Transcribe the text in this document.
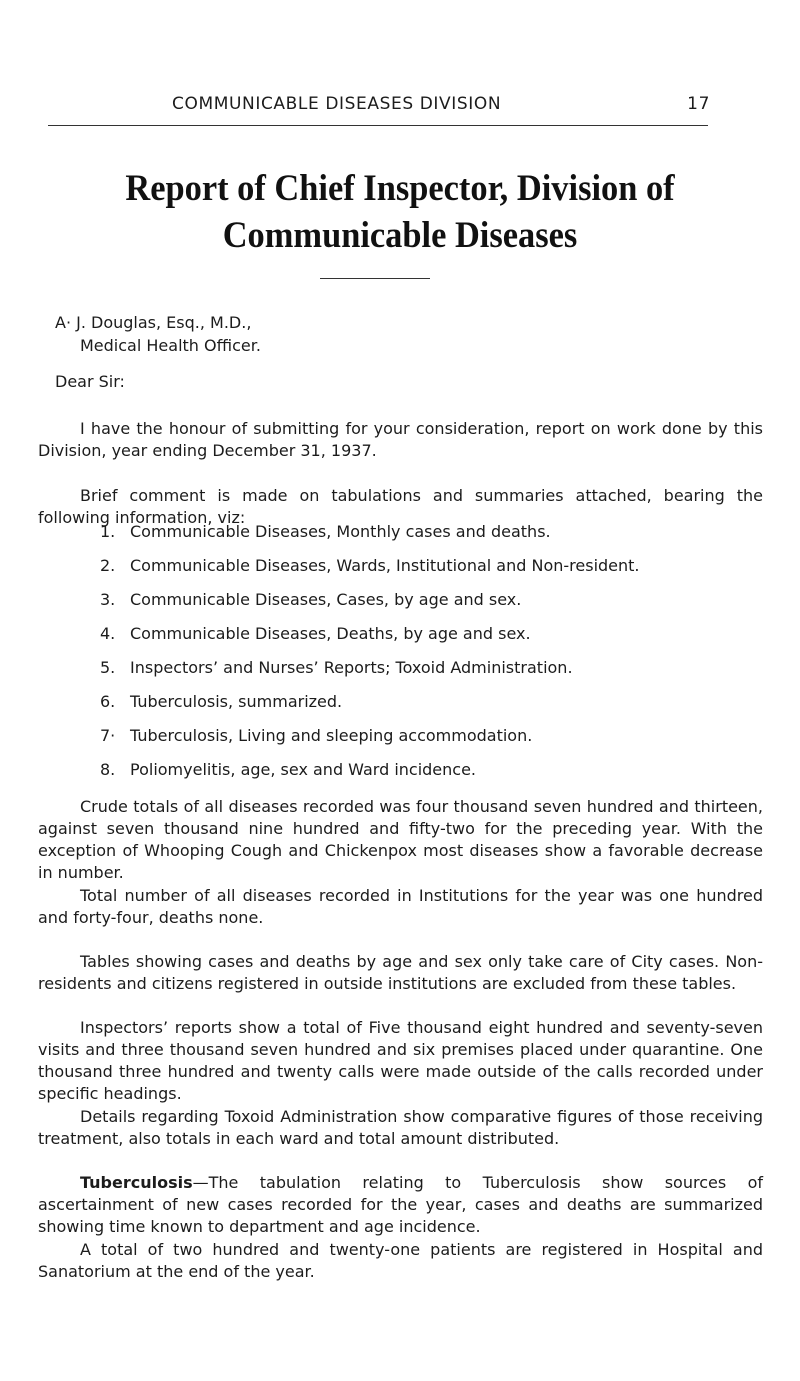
COMMUNICABLE DISEASES DIVISION	17
Report of Chief Inspector, Division of
Communicable Diseases
A· J. Douglas, Esq., M.D.,
Medical Health Officer.
Dear Sir:
I have the honour of submitting for your consideration, report on work done by this Division, year ending December 31, 1937.
Brief comment is made on tabulations and summaries attached, bearing the following information, viz:
1. Communicable Diseases, Monthly cases and deaths.
2. Communicable Diseases, Wards, Institutional and Non-resident.
3. Communicable Diseases, Cases, by age and sex.
4. Communicable Diseases, Deaths, by age and sex.
5. Inspectors’ and Nurses’ Reports; Toxoid Administration.
6. Tuberculosis, summarized.
7· Tuberculosis, Living and sleeping accommodation.
8. Poliomyelitis, age, sex and Ward incidence.
Crude totals of all diseases recorded was four thousand seven hundred and thirteen, against seven thousand nine hundred and fifty-two for the preceding year. With the exception of Whooping Cough and Chickenpox most diseases show a favorable decrease in number.
Total number of all diseases recorded in Institutions for the year was one hundred and forty-four, deaths none.
Tables showing cases and deaths by age and sex only take care of City cases. Non-residents and citizens registered in outside institutions are excluded from these tables.
Inspectors’ reports show a total of Five thousand eight hundred and seventy-seven visits and three thousand seven hundred and six premises placed under quarantine. One thousand three hundred and twenty calls were made outside of the calls recorded under specific headings.
Details regarding Toxoid Administration show comparative figures of those receiving treatment, also totals in each ward and total amount distributed.
Tuberculosis—The tabulation relating to Tuberculosis show sources of ascertainment of new cases recorded for the year, cases and deaths are summarized showing time known to department and age incidence.
A total of two hundred and twenty-one patients are registered in Hospital and Sanatorium at the end of the year.
